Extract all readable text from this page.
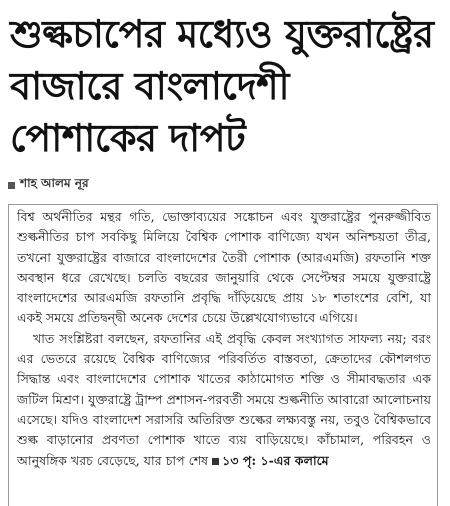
শুল্কচাপের মধ্যেও যুক্তরাষ্ট্রের বাজারে বাংলাদেশী পোশাকের দাপট
শাহ আলম নূর

বিশ্ব অর্থনীতির মন্থর গতি, ভোক্তাব্যয়ের সঙ্কোচন এবং যুক্তরাষ্ট্রের পুনরুজ্জীবিত শুল্কনীতির চাপ সবকিছু মিলিয়ে বৈশ্বিক পোশাক বাণিজ্যে যখন অনিশ্চয়তা তীব্র, তখনো যুক্তরাষ্ট্রের বাজারে বাংলাদেশের তৈরী পোশাক (আরএমজি) রফতানি শক্ত অবস্থান ধরে রেখেছে। চলতি বছরের জানুয়ারি থেকে সেপ্টেম্বর সময়ে যুক্তরাষ্ট্রে বাংলাদেশের আরএমজি রফতানি প্রবৃদ্ধি দাঁড়িয়েছে প্রায় ১৮ শতাংশের বেশি, যা একই সময়ে প্রতিদ্বন্দ্বী অনেক দেশের চেয়ে উল্লেখযোগ্যভাবে এগিয়ে।

খাত সংশ্লিষ্টরা বলছেন, রফতানির এই প্রবৃদ্ধি কেবল সংখ্যাগত সাফল্য নয়; বরং এর ভেতরে রয়েছে বৈশ্বিক বাণিজ্যের পরিবর্তিত বাস্তবতা, ক্রেতাদের কৌশলগত সিদ্ধান্ত এবং বাংলাদেশের পোশাক খাতের কাঠামোগত শক্তি ও সীমাবদ্ধতার এক জটিল মিশ্রণ। যুক্তরাষ্ট্রে ট্রাম্প প্রশাসন-পরবর্তী সময়ে শুল্কনীতি আবারো আলোচনায় এসেছে। যদিও বাংলাদেশ সরাসরি অতিরিক্ত শুল্কের লক্ষ্যবস্তু নয়, তবুও বৈশ্বিকভাবে শুল্ক বাড়ানোর প্রবণতা পোশাক খাতে ব্যয় বাড়িয়েছে। কাঁচামাল, পরিবহন ও আনুষঙ্গিক খরচ বেড়েছে, যার চাপ শেষ ১৩ পৃ: ১-এর কলামে
